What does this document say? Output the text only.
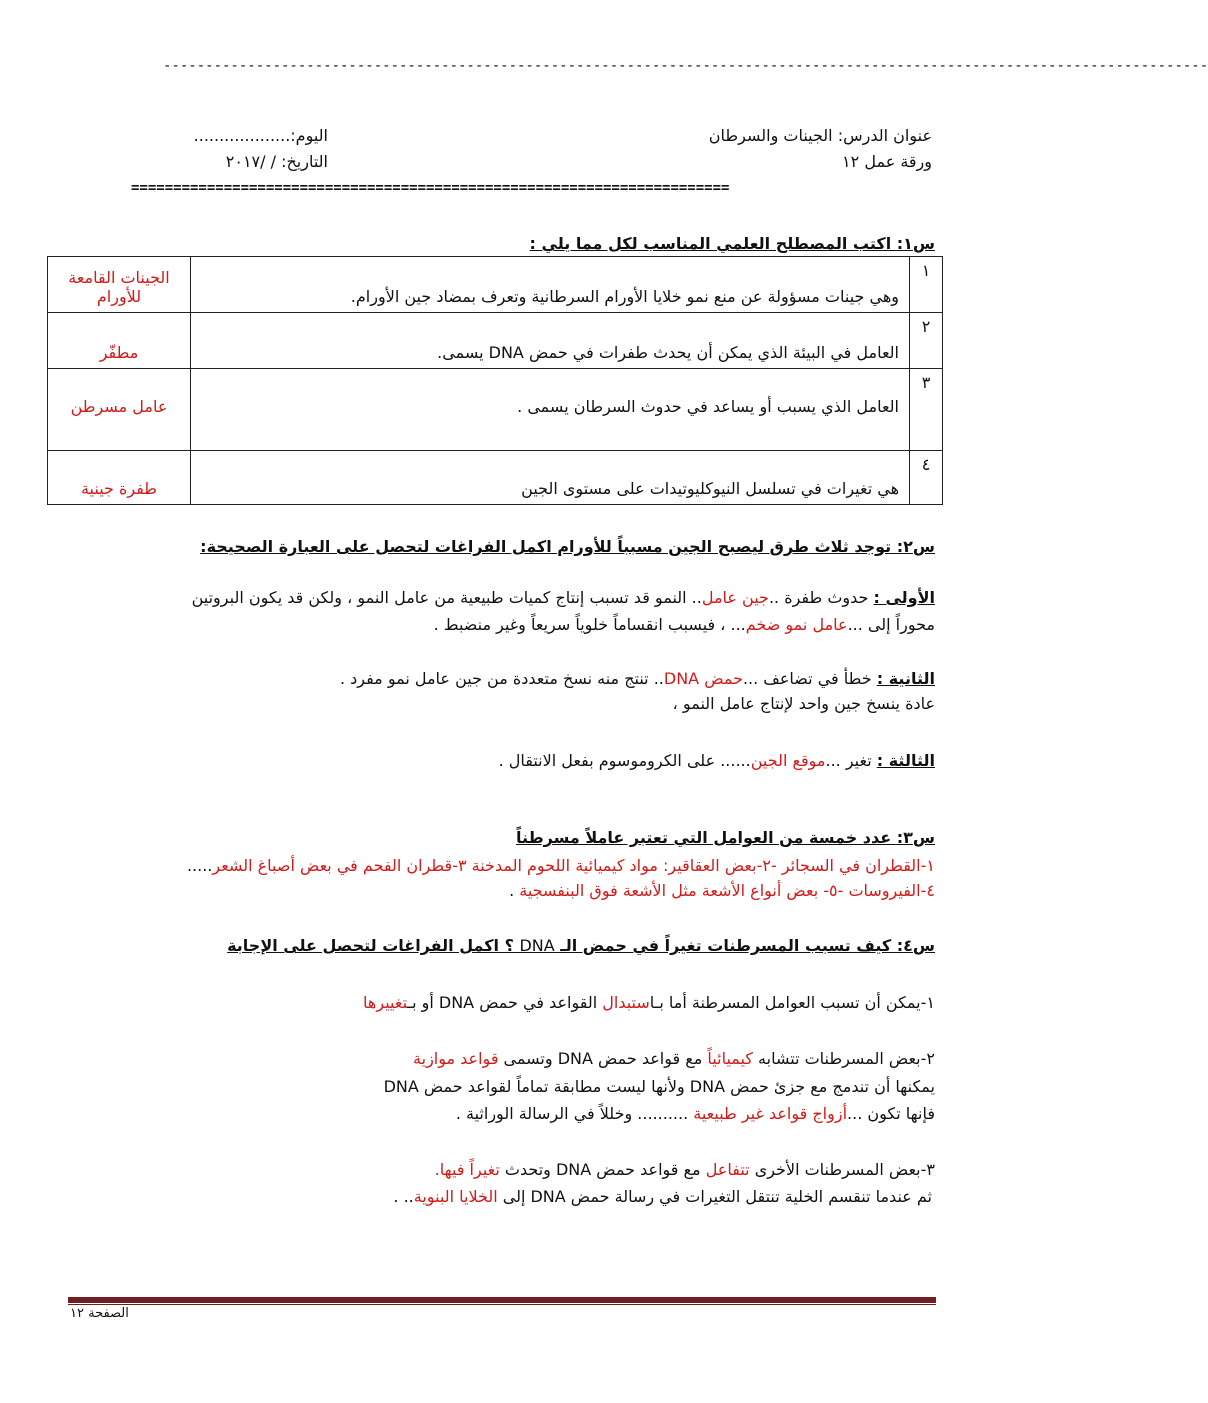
----------------------------------------------------------------------------------------------------------------------------
عنوان الدرس: الجينات والسرطان
ورقة عمل ١٢
اليوم:...................
التاريخ: / /٢٠١٧
=======================================================================
س١: اكتب المصطلح العلمي المناسب لكل مما يلي :
١	وهي جينات مسؤولة عن منع نمو خلايا الأورام السرطانية وتعرف بمضاد جين الأورام.	الجينات القامعة للأورام
٢	العامل في البيئة الذي يمكن أن يحدث طفرات في حمض DNA يسمى.	مطفّر
٣	العامل الذي يسبب أو يساعد في حدوث السرطان يسمى .	عامل مسرطن
٤	هي تغيرات في تسلسل النيوكليوتيدات على مستوى الجين	طفرة جينية
س٢: توجد ثلاث طرق ليصبح الجين مسبباً للأورام اكمل الفراغات لتحصل على العبارة الصحيحة:
الأولى : حدوث طفرة ..جين عامل.. النمو قد تسبب إنتاج كميات طبيعية من عامل النمو ، ولكن قد يكون البروتين
محوراً إلى ...عامل نمو ضخم... ، فيسبب انقساماً خلوياً سريعاً وغير منضبط .
الثانية : خطأ في تضاعف ...حمض DNA.. تنتج منه نسخ متعددة من جين عامل نمو مفرد .
عادة ينسخ جين واحد لإنتاج عامل النمو ،
الثالثة : تغير ...موقع الجين...... على الكروموسوم بفعل الانتقال .
س٣: عدد خمسة من العوامل التي تعتبر عاملاً مسرطناً
١-القطران في السجائر -٢-بعض العقاقير: مواد كيميائية اللحوم المدخنة ٣-قطران الفحم في بعض أصباغ الشعر.....
٤-الفيروسات -٥- بعض أنواع الأشعة مثل الأشعة فوق البنفسجية .
س٤: كيف تسبب المسرطنات تغيراً في حمض الـ DNA ؟ اكمل الفراغات لتحصل على الإجابة
١-يمكن أن تسبب العوامل المسرطنة أما بـاستبدال القواعد في حمض DNA أو بـتغييرها
٢-بعض المسرطنات تتشابه كيميائياً مع قواعد حمض DNA وتسمى قواعد موازية
يمكنها أن تندمج مع جزئ حمض DNA ولأنها ليست مطابقة تماماً لقواعد حمض DNA
فإنها تكون ...أزواج قواعد غير طبيعية .......... وخللاً في الرسالة الوراثية .
٣-بعض المسرطنات الأخرى تتفاعل مع قواعد حمض DNA وتحدث تغيراً فيها.
ثم عندما تنقسم الخلية تنتقل التغيرات في رسالة حمض DNA إلى الخلايا البنوية.. .
الصفحة ١٢
